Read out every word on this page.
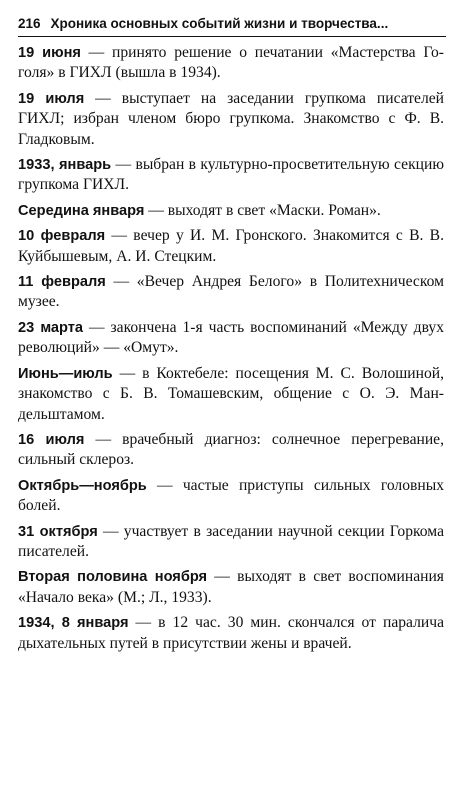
216 Хроника основных событий жизни и творчества...

19 июня — принято решение о печатании «Мастерства Гоголя» в ГИХЛ (вышла в 1934).

19 июля — выступает на заседании групкома писателей ГИХЛ; избран членом бюро групкома. Знакомство с Ф. В. Гладковым.

1933, январь — выбран в культурно-просветительную секцию групкома ГИХЛ.

Середина января — выходят в свет «Маски. Роман».

10 февраля — вечер у И. М. Гронского. Знакомится с В. В. Куйбышевым, А. И. Стецким.

11 февраля — «Вечер Андрея Белого» в Политехническом музее.

23 марта — закончена 1-я часть воспоминаний «Между двух революций» — «Омут».

Июнь—июль — в Коктебеле: посещения М. С. Волошиной, знакомство с Б. В. Томашевским, общение с О. Э. Мандельштамом.

16 июля — врачебный диагноз: солнечное перегревание, сильный склероз.

Октябрь—ноябрь — частые приступы сильных головных болей.

31 октября — участвует в заседании научной секции Горкома писателей.

Вторая половина ноября — выходят в свет воспоминания «Начало века» (М.; Л., 1933).

1934, 8 января — в 12 час. 30 мин. скончался от паралича дыхательных путей в присутствии жены и врачей.
